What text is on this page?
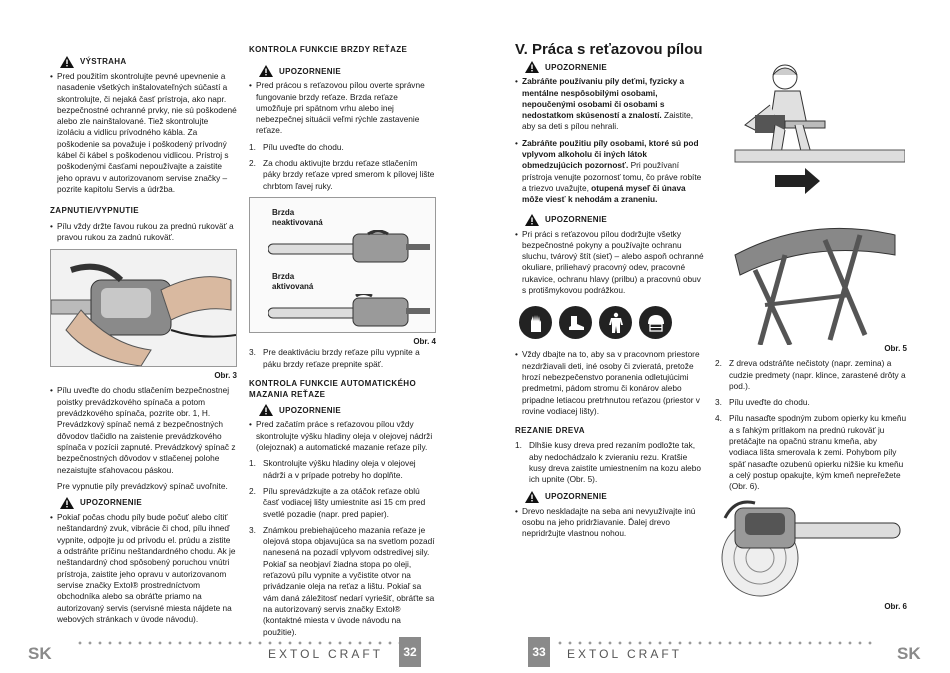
VÝSTRAHA
• Pred použitím skontrolujte pevné upevnenie a nasadenie všetkých inštalovateľných súčastí a skontrolujte, či nejaká časť prístroja, ako napr. bezpečnostné ochranné prvky, nie sú poškodené alebo zle nainštalované. Tiež skontrolujte izoláciu a vidlicu prívodného kábla. Za poškodenie sa považuje i poškodený prívodný kábel či kábel s poškodenou vidlicou. Prístroj s poškodenými časťami nepoužívajte a zaistite jeho opravu v autorizovanom servise značky – pozrite kapitolu Servis a údržba.
ZAPNUTIE/VYPNUTIE
• Pílu vždy držte ľavou rukou za prednú rukoväť a pravou rukou za zadnú rukoväť.
Obr. 3
• Pílu uveďte do chodu stlačením bezpečnostnej poistky prevádzkového spínača a potom prevádzkového spínača, pozrite obr. 1, H. Prevádzkový spínač nemá z bezpečnostných dôvodov tlačidlo na zaistenie prevádzkového spínača v pozícii zapnuté. Prevádzkový spínač z bezpečnostných dôvodov v stlačenej polohe nezaistujte sťahovacou páskou.

Pre vypnutie píly prevádzkový spínač uvoľnite.

UPOZORNENIE
• Pokiaľ počas chodu píly bude počuť alebo cítiť neštandardný zvuk, vibrácie či chod, pílu ihneď vypnite, odpojte ju od prívodu el. prúdu a zistite a odstráňte príčinu neštandardného chodu. Ak je neštandardný chod spôsobený poruchou vnútri prístroja, zaistite jeho opravu v autorizovanom servise značky Extol® prostredníctvom obchodníka alebo sa obráťte priamo na autorizovaný servis (servisné miesta nájdete na webových stránkach v úvode návodu).
KONTROLA FUNKCIE BRZDY REŤAZE
UPOZORNENIE
• Pred prácou s reťazovou pílou overte správne fungovanie brzdy reťaze. Brzda reťaze umožňuje pri spätnom vrhu alebo inej nebezpečnej situácii veľmi rýchle zastavenie reťaze.
1. Pílu uveďte do chodu.
2. Za chodu aktivujte brzdu reťaze stlačením páky brzdy reťaze vpred smerom k pílovej lište chrbtom ľavej ruky.
Brzda
neaktivovaná
Brzda
aktivovaná
Obr. 4
3. Pre deaktiváciu brzdy reťaze pílu vypnite a páku brzdy reťaze prepnite späť.
KONTROLA FUNKCIE AUTOMATICKÉHO MAZANIA REŤAZE
UPOZORNENIE
• Pred začatím práce s reťazovou pílou vždy skontrolujte výšku hladiny oleja v olejovej nádrži (olejoznak) a automatické mazanie reťaze píly.
1. Skontrolujte výšku hladiny oleja v olejovej nádrži a v prípade potreby ho doplňte.
2. Pílu sprevádzkujte a za otáčok reťaze oblú časť vodiacej lišty umiestnite asi 15 cm pred svetlé pozadie (napr. pred papier).
3. Známkou prebiehajúceho mazania reťaze je olejová stopa objavujúca sa na svetlom pozadí nanesená na pozadí vplyvom odstredivej sily. Pokiaľ sa neobjaví žiadna stopa po oleji, reťazovú pílu vypnite a vyčistite otvor na privádzanie oleja na reťaz a lištu. Pokiaľ sa vám daná záležitosť nedarí vyriešiť, obráťte sa na autorizovaný servis značky Extol® (kontaktné miesta v úvode návodu na použitie).
SK	EXTOL CRAFT	32
V. Práca s reťazovou pílou
UPOZORNENIE
• Zabráňte používaniu píly deťmi, fyzicky a mentálne nespôsobilými osobami, nepoučenými osobami či osobami s nedostatkom skúseností a znalostí. Zaistite, aby sa deti s pílou nehrali.
• Zabráňte použitiu píly osobami, ktoré sú pod vplyvom alkoholu či iných látok obmedzujúcich pozornosť. Pri používaní prístroja venujte pozornosť tomu, čo práve robíte a triezvo uvažujte, otupená myseľ či únava môže viesť k nehodám a zraneniu.
UPOZORNENIE
• Pri práci s reťazovou pílou dodržujte všetky bezpečnostné pokyny a používajte ochranu sluchu, tvárový štít (sieť) – alebo aspoň ochranné okuliare, priliehavý pracovný odev, pracovné rukavice, ochranu hlavy (prilbu) a pracovnú obuv s protišmykovou podrážkou.
• Vždy dbajte na to, aby sa v pracovnom priestore nezdržiavali deti, iné osoby či zvieratá, pretože hrozí nebezpečenstvo poranenia odletujúcimi predmetmi, pádom stromu či konárov alebo pripadne letiacou pretrhnutou reťazou (priestor v rovine vodiacej lišty).
REZANIE DREVA
1. Dlhšie kusy dreva pred rezaním podložte tak, aby nedochádzalo k zvieraniu rezu. Kratšie kusy dreva zaistite umiestnením na kozu alebo ich upnite (Obr. 5).
UPOZORNENIE
• Drevo neskladajte na seba ani nevyužívajte inú osobu na jeho pridržiavanie. Ďalej drevo nepridržujte vlastnou nohou.
Obr. 5
2. Z dreva odstráňte nečistoty (napr. zemina) a cudzie predmety (napr. klince, zarastené drôty a pod.).
3. Pílu uveďte do chodu.
4. Pílu nasaďte spodným zubom opierky ku kmeňu a s ľahkým prítlakom na prednú rukoväť ju pretáčajte na opačnú stranu kmeňa, aby vodiaca lišta smerovala k zemi. Pohybom píly späť nasaďte ozubenú opierku nižšie ku kmeňu a celý postup opakujte, kým kmeň nepreřežete (Obr. 6).
Obr. 6
33	EXTOL CRAFT	SK
